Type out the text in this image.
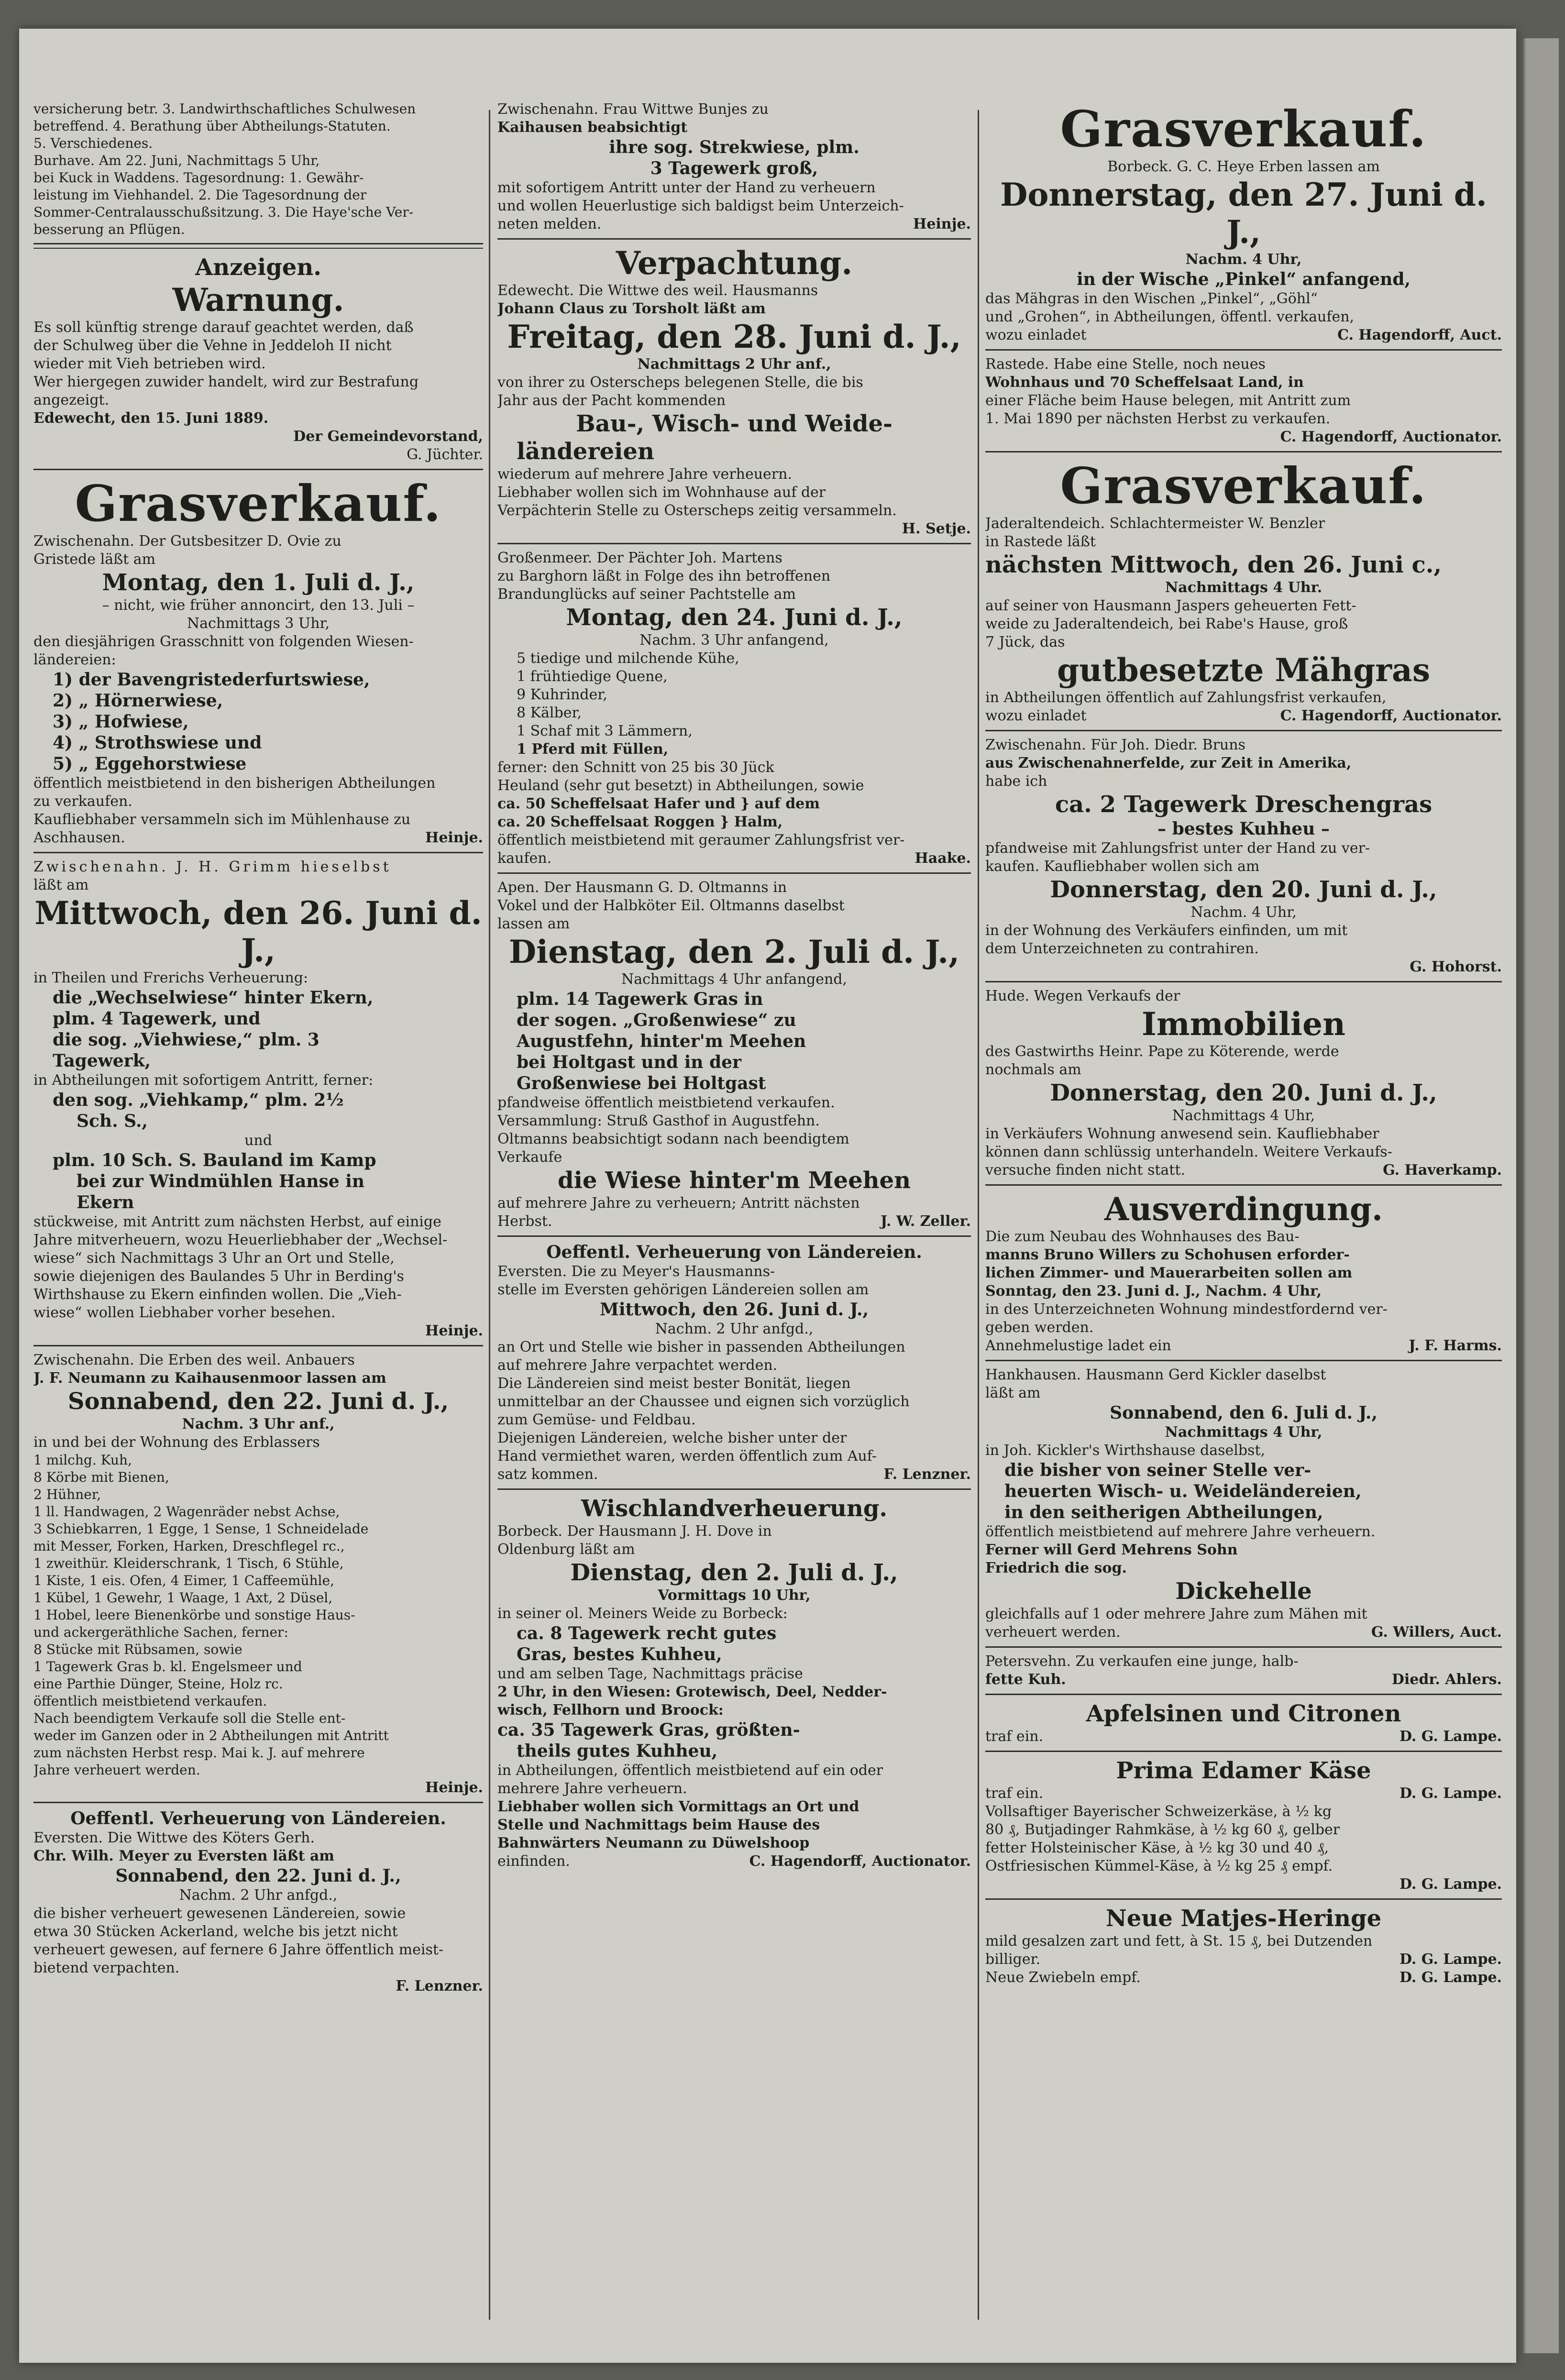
versicherung betr. 3. Landwirthschaftliches Schulwesen

betreffend. 4. Berathung über Abtheilungs-Statuten.

5. Verschiedenes.

Burhave. Am 22. Juni, Nachmittags 5 Uhr,

bei Kuck in Waddens. Tagesordnung: 1. Gewähr-

leistung im Viehhandel. 2. Die Tagesordnung der

Sommer-Centralausschußsitzung. 3. Die Haye'sche Ver-

besserung an Pflügen.

Anzeigen.

Warnung.

Es soll künftig strenge darauf geachtet werden, daß

der Schulweg über die Vehne in Jeddeloh II nicht

wieder mit Vieh betrieben wird.

Wer hiergegen zuwider handelt, wird zur Bestrafung

angezeigt.

Edewecht, den 15. Juni 1889.

Der Gemeindevorstand,

G. Jüchter.

Grasverkauf.

Zwischenahn. Der Gutsbesitzer D. Ovie zu

Gristede läßt am

Montag, den 1. Juli d. J.,

– nicht, wie früher annoncirt, den 13. Juli –

Nachmittags 3 Uhr,

den diesjährigen Grasschnitt von folgenden Wiesen-

ländereien:

1) der Bavengristederfurtswiese,

2) „ Hörnerwiese,

3) „ Hofwiese,

4) „ Strothswiese und

5) „ Eggehorstwiese

öffentlich meistbietend in den bisherigen Abtheilungen

zu verkaufen.

Kaufliebhaber versammeln sich im Mühlenhause zu

Aschhausen.	Heinje.

Zwischenahn. J. H. Grimm hieselbst

läßt am

Mittwoch, den 26. Juni d. J.,

in Theilen und Frerichs Verheuerung:

die „Wechselwiese“ hinter Ekern,

plm. 4 Tagewerk, und

die sog. „Viehwiese,“ plm. 3

Tagewerk,

in Abtheilungen mit sofortigem Antritt, ferner:

den sog. „Viehkamp,“ plm. 2½

Sch. S.,

und

plm. 10 Sch. S. Bauland im Kamp

bei zur Windmühlen Hanse in

Ekern

stückweise, mit Antritt zum nächsten Herbst, auf einige

Jahre mitverheuern, wozu Heuerliebhaber der „Wechsel-

wiese“ sich Nachmittags 3 Uhr an Ort und Stelle,

sowie diejenigen des Baulandes 5 Uhr in Berding's

Wirthshause zu Ekern einfinden wollen. Die „Vieh-

wiese“ wollen Liebhaber vorher besehen.

Heinje.

Zwischenahn. Die Erben des weil. Anbauers

J. F. Neumann zu Kaihausenmoor lassen am

Sonnabend, den 22. Juni d. J.,

Nachm. 3 Uhr anf.,

in und bei der Wohnung des Erblassers

1 milchg. Kuh,

8 Körbe mit Bienen,

2 Hühner,

1 ll. Handwagen, 2 Wagenräder nebst Achse,

3 Schiebkarren, 1 Egge, 1 Sense, 1 Schneidelade

mit Messer, Forken, Harken, Dreschflegel rc.,

1 zweithür. Kleiderschrank, 1 Tisch, 6 Stühle,

1 Kiste, 1 eis. Ofen, 4 Eimer, 1 Caffeemühle,

1 Kübel, 1 Gewehr, 1 Waage, 1 Axt, 2 Düsel,

1 Hobel, leere Bienenkörbe und sonstige Haus-

und ackergeräthliche Sachen, ferner:

8 Stücke mit Rübsamen, sowie

1 Tagewerk Gras b. kl. Engelsmeer und

eine Parthie Dünger, Steine, Holz rc.

öffentlich meistbietend verkaufen.

Nach beendigtem Verkaufe soll die Stelle ent-

weder im Ganzen oder in 2 Abtheilungen mit Antritt

zum nächsten Herbst resp. Mai k. J. auf mehrere

Jahre verheuert werden.

Heinje.

Oeffentl. Verheuerung von Ländereien.

Eversten. Die Wittwe des Köters Gerh.

Chr. Wilh. Meyer zu Eversten läßt am

Sonnabend, den 22. Juni d. J.,

Nachm. 2 Uhr anfgd.,

die bisher verheuert gewesenen Ländereien, sowie

etwa 30 Stücken Ackerland, welche bis jetzt nicht

verheuert gewesen, auf fernere 6 Jahre öffentlich meist-

bietend verpachten.

F. Lenzner.

Zwischenahn. Frau Wittwe Bunjes zu

Kaihausen beabsichtigt

ihre sog. Strekwiese, plm.

3 Tagewerk groß,

mit sofortigem Antritt unter der Hand zu verheuern

und wollen Heuerlustige sich baldigst beim Unterzeich-

neten melden.	Heinje.

Verpachtung.

Edewecht. Die Wittwe des weil. Hausmanns

Johann Claus zu Torsholt läßt am

Freitag, den 28. Juni d. J.,

Nachmittags 2 Uhr anf.,

von ihrer zu Osterscheps belegenen Stelle, die bis

Jahr aus der Pacht kommenden

Bau-, Wisch- und Weide-

ländereien

wiederum auf mehrere Jahre verheuern.

Liebhaber wollen sich im Wohnhause auf der

Verpächterin Stelle zu Osterscheps zeitig versammeln.

H. Setje.

Großenmeer. Der Pächter Joh. Martens

zu Barghorn läßt in Folge des ihn betroffenen

Brandunglücks auf seiner Pachtstelle am

Montag, den 24. Juni d. J.,

Nachm. 3 Uhr anfangend,

5 tiedige und milchende Kühe,

1 frühtiedige Quene,

9 Kuhrinder,

8 Kälber,

1 Schaf mit 3 Lämmern,

1 Pferd mit Füllen,

ferner: den Schnitt von 25 bis 30 Jück

Heuland (sehr gut besetzt) in Abtheilungen, sowie

ca. 50 Scheffelsaat Hafer und } auf dem

ca. 20 Scheffelsaat Roggen } Halm,

öffentlich meistbietend mit geraumer Zahlungsfrist ver-

kaufen.	Haake.

Apen. Der Hausmann G. D. Oltmanns in

Vokel und der Halbköter Eil. Oltmanns daselbst

lassen am

Dienstag, den 2. Juli d. J.,

Nachmittags 4 Uhr anfangend,

plm. 14 Tagewerk Gras in

der sogen. „Großenwiese“ zu

Augustfehn, hinter'm Meehen

bei Holtgast und in der

Großenwiese bei Holtgast

pfandweise öffentlich meistbietend verkaufen.

Versammlung: Struß Gasthof in Augustfehn.

Oltmanns beabsichtigt sodann nach beendigtem

Verkaufe

die Wiese hinter'm Meehen

auf mehrere Jahre zu verheuern; Antritt nächsten

Herbst.	J. W. Zeller.

Oeffentl. Verheuerung von Ländereien.

Eversten. Die zu Meyer's Hausmanns-

stelle im Eversten gehörigen Ländereien sollen am

Mittwoch, den 26. Juni d. J.,

Nachm. 2 Uhr anfgd.,

an Ort und Stelle wie bisher in passenden Abtheilungen

auf mehrere Jahre verpachtet werden.

Die Ländereien sind meist bester Bonität, liegen

unmittelbar an der Chaussee und eignen sich vorzüglich

zum Gemüse- und Feldbau.

Diejenigen Ländereien, welche bisher unter der

Hand vermiethet waren, werden öffentlich zum Auf-

satz kommen.	F. Lenzner.

Wischlandverheuerung.

Borbeck. Der Hausmann J. H. Dove in

Oldenburg läßt am

Dienstag, den 2. Juli d. J.,

Vormittags 10 Uhr,

in seiner ol. Meiners Weide zu Borbeck:

ca. 8 Tagewerk recht gutes

Gras, bestes Kuhheu,

und am selben Tage, Nachmittags präcise

2 Uhr, in den Wiesen: Grotewisch, Deel, Nedder-

wisch, Fellhorn und Broock:

ca. 35 Tagewerk Gras, größten-

theils gutes Kuhheu,

in Abtheilungen, öffentlich meistbietend auf ein oder

mehrere Jahre verheuern.

Liebhaber wollen sich Vormittags an Ort und

Stelle und Nachmittags beim Hause des

Bahnwärters Neumann zu Düwelshoop

einfinden.	C. Hagendorff, Auctionator.

Grasverkauf.

Borbeck. G. C. Heye Erben lassen am

Donnerstag, den 27. Juni d. J.,

Nachm. 4 Uhr,

in der Wische „Pinkel“ anfangend,

das Mähgras in den Wischen „Pinkel“, „Göhl“

und „Grohen“, in Abtheilungen, öffentl. verkaufen,

wozu einladet	C. Hagendorff, Auct.

Rastede. Habe eine Stelle, noch neues

Wohnhaus und 70 Scheffelsaat Land, in

einer Fläche beim Hause belegen, mit Antritt zum

1. Mai 1890 per nächsten Herbst zu verkaufen.

C. Hagendorff, Auctionator.

Grasverkauf.

Jaderaltendeich. Schlachtermeister W. Benzler

in Rastede läßt

nächsten Mittwoch, den 26. Juni c.,

Nachmittags 4 Uhr.

auf seiner von Hausmann Jaspers geheuerten Fett-

weide zu Jaderaltendeich, bei Rabe's Hause, groß

7 Jück, das

gutbesetzte Mähgras

in Abtheilungen öffentlich auf Zahlungsfrist verkaufen,

wozu einladet	C. Hagendorff, Auctionator.

Zwischenahn. Für Joh. Diedr. Bruns

aus Zwischenahnerfelde, zur Zeit in Amerika,

habe ich

ca. 2 Tagewerk Dreschengras

– bestes Kuhheu –

pfandweise mit Zahlungsfrist unter der Hand zu ver-

kaufen. Kaufliebhaber wollen sich am

Donnerstag, den 20. Juni d. J.,

Nachm. 4 Uhr,

in der Wohnung des Verkäufers einfinden, um mit

dem Unterzeichneten zu contrahiren.

G. Hohorst.

Hude. Wegen Verkaufs der

Immobilien

des Gastwirths Heinr. Pape zu Köterende, werde

nochmals am

Donnerstag, den 20. Juni d. J.,

Nachmittags 4 Uhr,

in Verkäufers Wohnung anwesend sein. Kaufliebhaber

können dann schlüssig unterhandeln. Weitere Verkaufs-

versuche finden nicht statt.	G. Haverkamp.

Ausverdingung.

Die zum Neubau des Wohnhauses des Bau-

manns Bruno Willers zu Schohusen erforder-

lichen Zimmer- und Mauerarbeiten sollen am

Sonntag, den 23. Juni d. J., Nachm. 4 Uhr,

in des Unterzeichneten Wohnung mindestfordernd ver-

geben werden.

Annehmelustige ladet ein	J. F. Harms.

Hankhausen. Hausmann Gerd Kickler daselbst

läßt am

Sonnabend, den 6. Juli d. J.,

Nachmittags 4 Uhr,

in Joh. Kickler's Wirthshause daselbst,

die bisher von seiner Stelle ver-

heuerten Wisch- u. Weideländereien,

in den seitherigen Abtheilungen,

öffentlich meistbietend auf mehrere Jahre verheuern.

Ferner will Gerd Mehrens Sohn

Friedrich die sog.

Dickehelle

gleichfalls auf 1 oder mehrere Jahre zum Mähen mit

verheuert werden.	G. Willers, Auct.

Petersvehn. Zu verkaufen eine junge, halb-

fette Kuh.	Diedr. Ahlers.

Apfelsinen und Citronen

traf ein.	D. G. Lampe.

Prima Edamer Käse

traf ein.	D. G. Lampe.

Vollsaftiger Bayerischer Schweizerkäse, à ½ kg

80 ₰, Butjadinger Rahmkäse, à ½ kg 60 ₰, gelber

fetter Holsteinischer Käse, à ½ kg 30 und 40 ₰,

Ostfriesischen Kümmel-Käse, à ½ kg 25 ₰ empf.

D. G. Lampe.

Neue Matjes-Heringe

mild gesalzen zart und fett, à St. 15 ₰, bei Dutzenden

billiger.	D. G. Lampe.
Neue Zwiebeln empf.	D. G. Lampe.
